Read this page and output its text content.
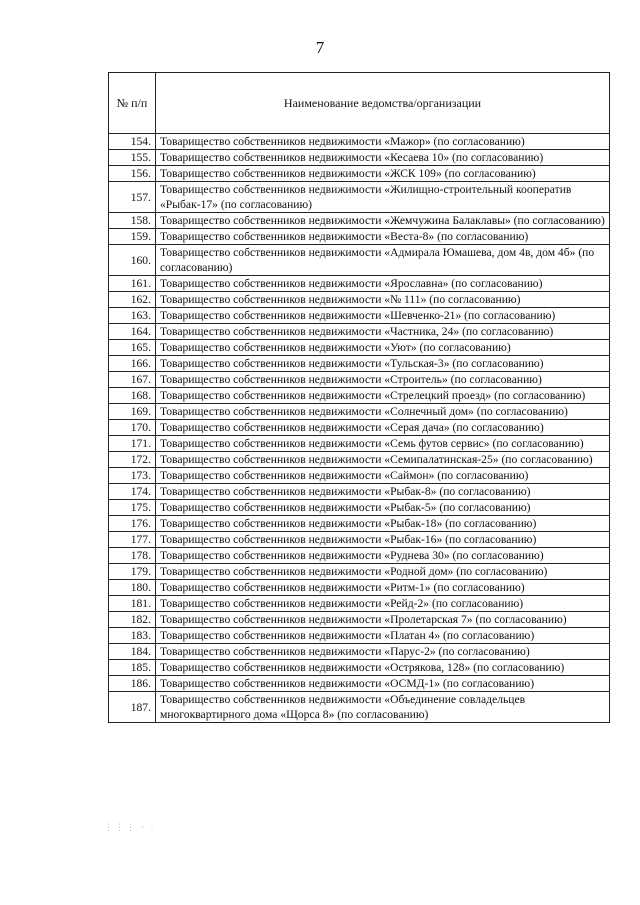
7
№ п/п	Наименование ведомства/организации
154.	Товарищество собственников недвижимости «Мажор» (по согласованию)
155.	Товарищество собственников недвижимости «Кесаева 10» (по согласованию)
156.	Товарищество собственников недвижимости «ЖСК 109» (по согласованию)
157.	Товарищество собственников недвижимости «Жилищно-строительный кооператив «Рыбак-17» (по согласованию)
158.	Товарищество собственников недвижимости «Жемчужина Балаклавы» (по согласованию)
159.	Товарищество собственников недвижимости «Веста-8» (по согласованию)
160.	Товарищество собственников недвижимости «Адмирала Юмашева, дом 4в, дом 4б» (по согласованию)
161.	Товарищество собственников недвижимости «Ярославна» (по согласованию)
162.	Товарищество собственников недвижимости «№ 111» (по согласованию)
163.	Товарищество собственников недвижимости «Шевченко-21» (по согласованию)
164.	Товарищество собственников недвижимости «Частника, 24» (по согласованию)
165.	Товарищество собственников недвижимости «Уют» (по согласованию)
166.	Товарищество собственников недвижимости «Тульская-3» (по согласованию)
167.	Товарищество собственников недвижимости «Строитель» (по согласованию)
168.	Товарищество собственников недвижимости «Стрелецкий проезд» (по согласованию)
169.	Товарищество собственников недвижимости «Солнечный дом» (по согласованию)
170.	Товарищество собственников недвижимости «Серая дача» (по согласованию)
171.	Товарищество собственников недвижимости «Семь футов сервис» (по согласованию)
172.	Товарищество собственников недвижимости «Семипалатинская-25» (по согласованию)
173.	Товарищество собственников недвижимости «Саймон» (по согласованию)
174.	Товарищество собственников недвижимости «Рыбак-8» (по согласованию)
175.	Товарищество собственников недвижимости «Рыбак-5» (по согласованию)
176.	Товарищество собственников недвижимости «Рыбак-18» (по согласованию)
177.	Товарищество собственников недвижимости «Рыбак-16» (по согласованию)
178.	Товарищество собственников недвижимости «Руднева 30» (по согласованию)
179.	Товарищество собственников недвижимости «Родной дом» (по согласованию)
180.	Товарищество собственников недвижимости «Ритм-1» (по согласованию)
181.	Товарищество собственников недвижимости «Рейд-2» (по согласованию)
182.	Товарищество собственников недвижимости «Пролетарская 7» (по согласованию)
183.	Товарищество собственников недвижимости «Платан 4» (по согласованию)
184.	Товарищество собственников недвижимости «Парус-2» (по согласованию)
185.	Товарищество собственников недвижимости «Острякова, 128» (по согласованию)
186.	Товарищество собственников недвижимости «ОСМД-1» (по согласованию)
187.	Товарищество собственников недвижимости «Объединение совладельцев многоквартирного дома «Щорса 8» (по согласованию)
⋮⋮⋮ · ·
